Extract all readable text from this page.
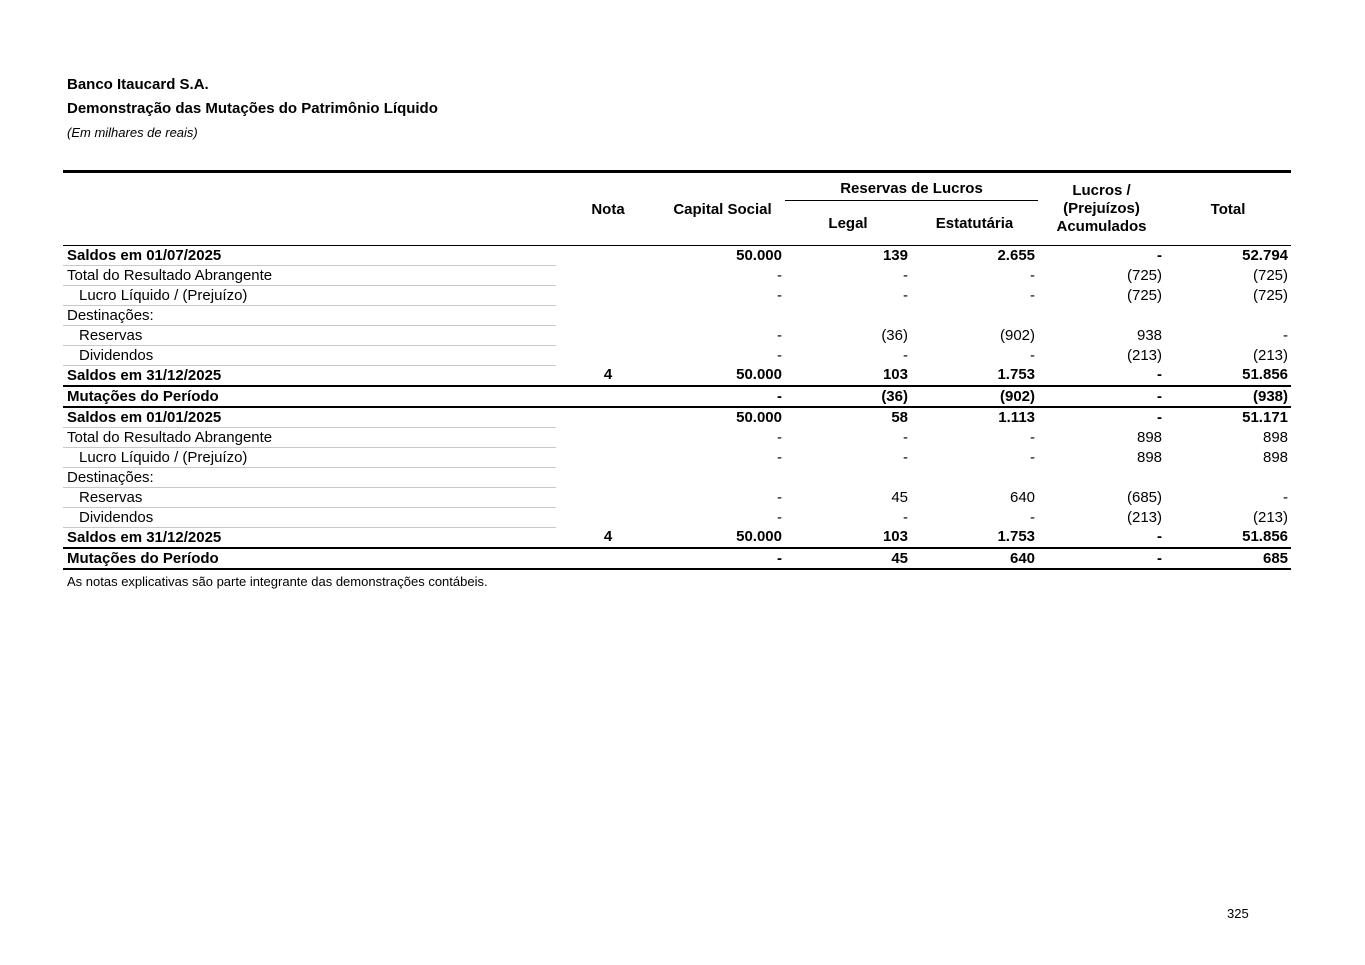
Banco Itaucard S.A.
Demonstração das Mutações do Patrimônio Líquido
(Em milhares de reais)
	Nota	Capital Social	Reservas de Lucros		Lucros /
(Prejuízos)
Acumulados	Total
			Legal	Estatutária		
Saldos em 01/07/2025		50.000	139	2.655	-	52.794
Total do Resultado Abrangente		-	-	-	(725)	(725)
Lucro Líquido / (Prejuízo)		-	-	-	(725)	(725)
Destinações:						
Reservas		-	(36)	(902)	938	-
Dividendos		-	-	-	(213)	(213)
Saldos em 31/12/2025	4	50.000	103	1.753	-	51.856
Mutações do Período		-	(36)	(902)	-	(938)
Saldos em 01/01/2025		50.000	58	1.113	-	51.171
Total do Resultado Abrangente		-	-	-	898	898
Lucro Líquido / (Prejuízo)		-	-	-	898	898
Destinações:						
Reservas		-	45	640	(685)	-
Dividendos		-	-	-	(213)	(213)
Saldos em 31/12/2025	4	50.000	103	1.753	-	51.856
Mutações do Período		-	45	640	-	685
As notas explicativas são parte integrante das demonstrações contábeis.
325
